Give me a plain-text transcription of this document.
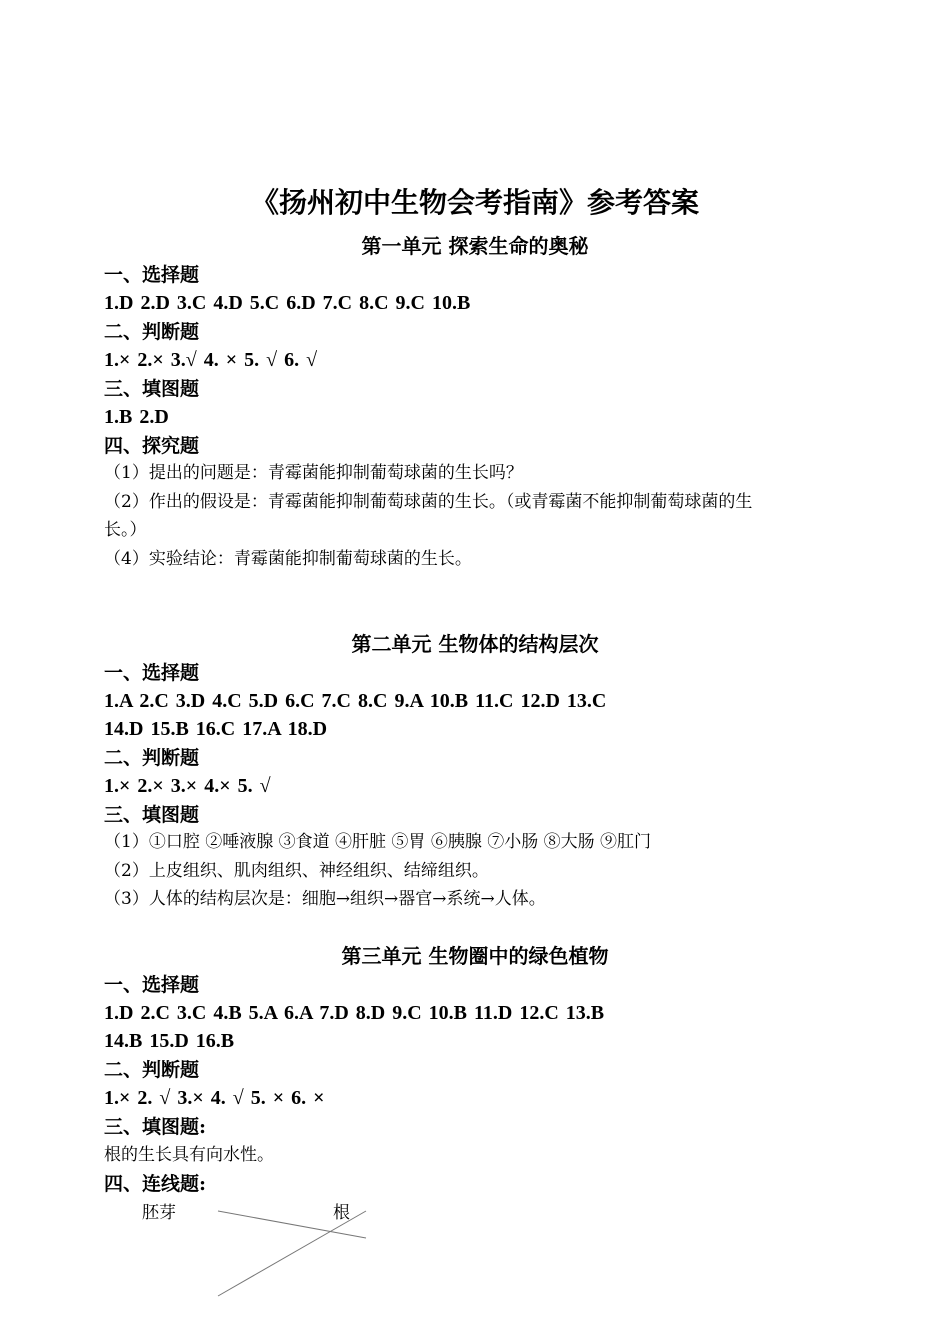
《扬州初中生物会考指南》参考答案
第一单元 探索生命的奥秘
一、选择题
1.D 2.D 3.C 4.D 5.C 6.D 7.C 8.C 9.C 10.B
二、判断题
1.× 2.× 3.√ 4. × 5. √ 6. √
三、填图题
1.B 2.D
四、探究题
（1）提出的问题是：青霉菌能抑制葡萄球菌的生长吗？
（2）作出的假设是：青霉菌能抑制葡萄球菌的生长。（或青霉菌不能抑制葡萄球菌的生
长。）
（4）实验结论：青霉菌能抑制葡萄球菌的生长。
第二单元 生物体的结构层次
一、选择题
1.A 2.C 3.D 4.C 5.D 6.C 7.C 8.C 9.A 10.B 11.C 12.D 13.C
14.D 15.B 16.C 17.A 18.D
二、判断题
1.× 2.× 3.× 4.× 5. √
三、填图题
（1）①口腔 ②唾液腺 ③食道 ④肝脏 ⑤胃 ⑥胰腺 ⑦小肠 ⑧大肠 ⑨肛门
（2）上皮组织、肌肉组织、神经组织、结缔组织。
（3）人体的结构层次是：细胞→组织→器官→系统→人体。
第三单元 生物圈中的绿色植物
一、选择题
1.D 2.C 3.C 4.B 5.A 6.A 7.D 8.D 9.C 10.B 11.D 12.C 13.B
14.B 15.D 16.B
二、判断题
1.× 2. √ 3.× 4. √ 5. × 6. ×
三、填图题:
根的生长具有向水性。
四、连线题:
胚芽	根
